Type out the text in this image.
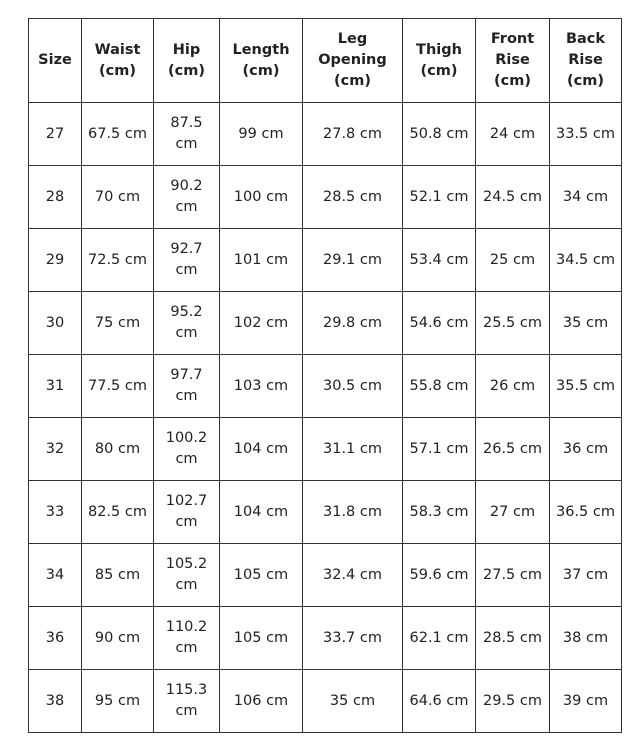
Size	Waist (cm)	Hip (cm)	Length (cm)	Leg Opening (cm)	Thigh (cm)	Front Rise (cm)	Back Rise (cm)
27	67.5 cm	87.5 cm	99 cm	27.8 cm	50.8 cm	24 cm	33.5 cm
28	70 cm	90.2 cm	100 cm	28.5 cm	52.1 cm	24.5 cm	34 cm
29	72.5 cm	92.7 cm	101 cm	29.1 cm	53.4 cm	25 cm	34.5 cm
30	75 cm	95.2 cm	102 cm	29.8 cm	54.6 cm	25.5 cm	35 cm
31	77.5 cm	97.7 cm	103 cm	30.5 cm	55.8 cm	26 cm	35.5 cm
32	80 cm	100.2 cm	104 cm	31.1 cm	57.1 cm	26.5 cm	36 cm
33	82.5 cm	102.7 cm	104 cm	31.8 cm	58.3 cm	27 cm	36.5 cm
34	85 cm	105.2 cm	105 cm	32.4 cm	59.6 cm	27.5 cm	37 cm
36	90 cm	110.2 cm	105 cm	33.7 cm	62.1 cm	28.5 cm	38 cm
38	95 cm	115.3 cm	106 cm	35 cm	64.6 cm	29.5 cm	39 cm
